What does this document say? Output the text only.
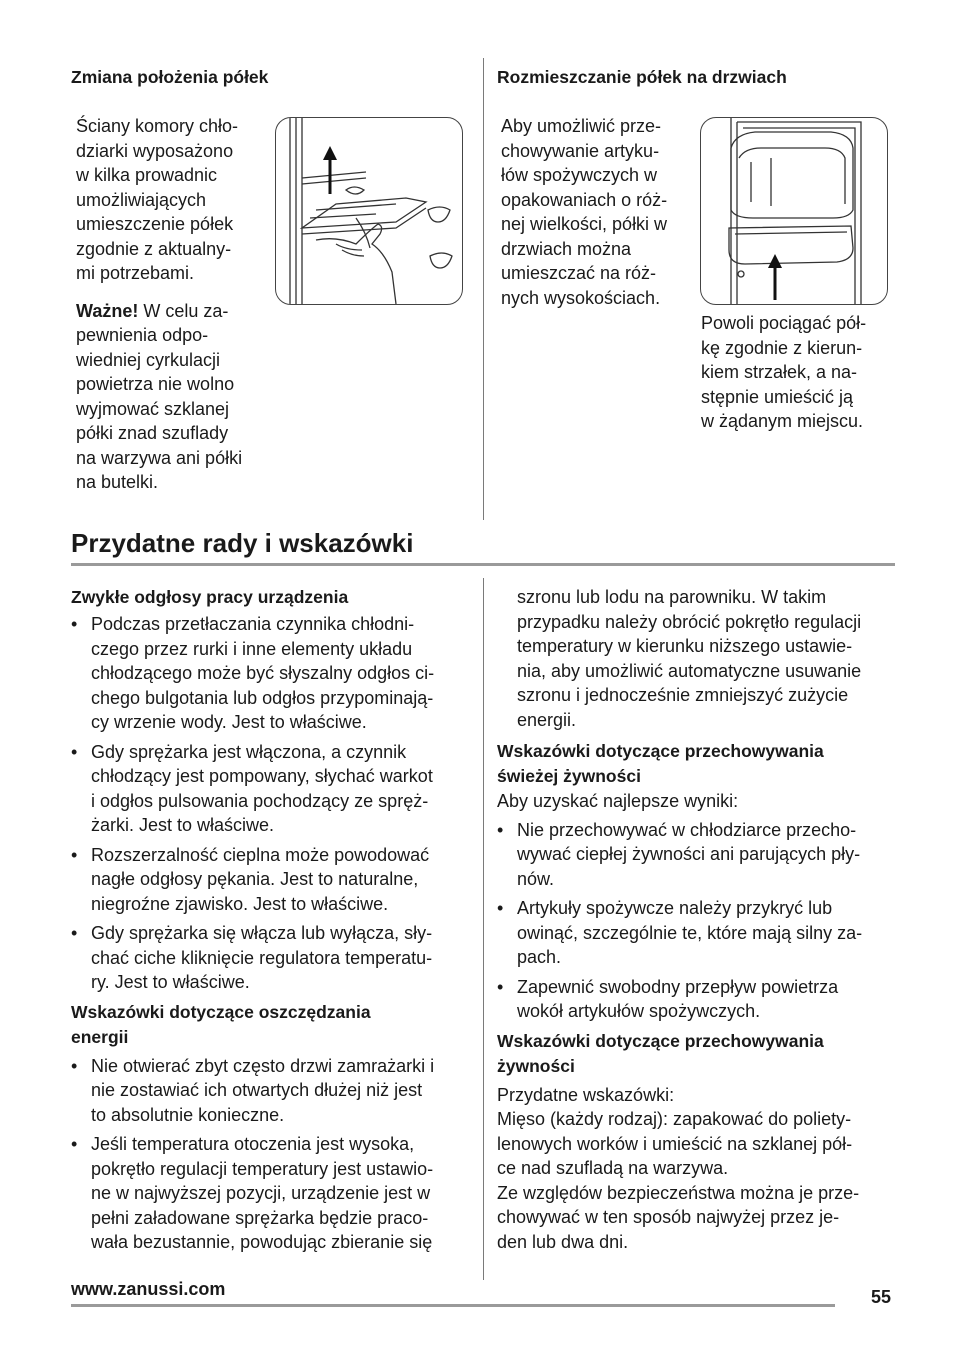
Zmiana położenia półek
Ściany komory chło-
dziarki wyposażono
w kilka prowadnic
umożliwiających
umieszczenie półek
zgodnie z aktualny-
mi potrzebami.
Ważne! W celu za-
pewnienia odpo-
wiedniej cyrkulacji
powietrza nie wolno
wyjmować szklanej
półki znad szuflady
na warzywa ani półki
na butelki.
Rozmieszczanie półek na drzwiach
Aby umożliwić prze-
chowywanie artyku-
łów spożywczych w
opakowaniach o róż-
nej wielkości, półki w
drzwiach można
umieszczać na róż-
nych wysokościach.
Powoli pociągać pół-
kę zgodnie z kierun-
kiem strzałek, a na-
stępnie umieścić ją
w żądanym miejscu.
Przydatne rady i wskazówki
Zwykłe odgłosy pracy urządzenia
• Podczas przetłaczania czynnika chłodni-
czego przez rurki i inne elementy układu
chłodzącego może być słyszalny odgłos ci-
chego bulgotania lub odgłos przypominają-
cy wrzenie wody. Jest to właściwe.
• Gdy sprężarka jest włączona, a czynnik
chłodzący jest pompowany, słychać warkot
i odgłos pulsowania pochodzący ze spręż-
żarki. Jest to właściwe.
• Rozszerzalność cieplna może powodować
nagłe odgłosy pękania. Jest to naturalne,
niegroźne zjawisko. Jest to właściwe.
• Gdy sprężarka się włącza lub wyłącza, sły-
chać ciche kliknięcie regulatora temperatu-
ry. Jest to właściwe.
Wskazówki dotyczące oszczędzania
energii
• Nie otwierać zbyt często drzwi zamrażarki i
nie zostawiać ich otwartych dłużej niż jest
to absolutnie konieczne.
• Jeśli temperatura otoczenia jest wysoka,
pokrętło regulacji temperatury jest ustawio-
ne w najwyższej pozycji, urządzenie jest w
pełni załadowane sprężarka będzie praco-
wała bezustannie, powodując zbieranie się
szronu lub lodu na parowniku. W takim
przypadku należy obrócić pokrętło regulacji
temperatury w kierunku niższego ustawie-
nia, aby umożliwić automatyczne usuwanie
szronu i jednocześnie zmniejszyć zużycie
energii.
Wskazówki dotyczące przechowywania
świeżej żywności
Aby uzyskać najlepsze wyniki:
• Nie przechowywać w chłodziarce przecho-
wywać ciepłej żywności ani parujących pły-
nów.
• Artykuły spożywcze należy przykryć lub
owinąć, szczególnie te, które mają silny za-
pach.
• Zapewnić swobodny przepływ powietrza
wokół artykułów spożywczych.
Wskazówki dotyczące przechowywania
żywności
Przydatne wskazówki:
Mięso (każdy rodzaj): zapakować do poliety-
lenowych worków i umieścić na szklanej pół-
ce nad szufladą na warzywa.
Ze względów bezpieczeństwa można je prze-
chowywać w ten sposób najwyżej przez je-
den lub dwa dni.
www.zanussi.com	55
